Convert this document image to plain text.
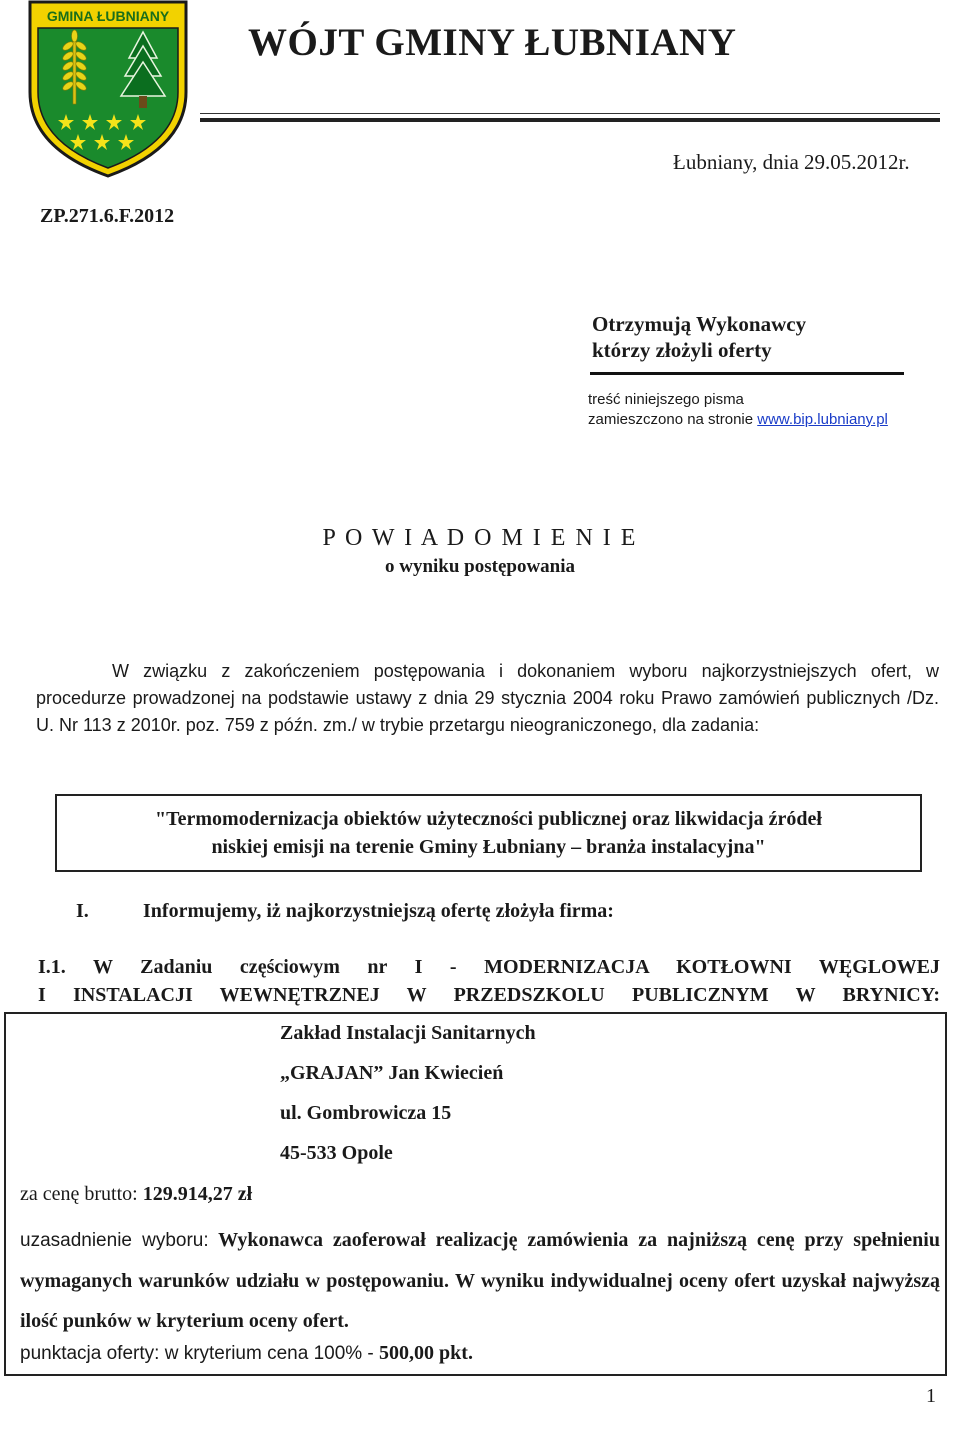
GMINA ŁUBNIANY
WÓJT GMINY ŁUBNIANY
Łubniany, dnia 29.05.2012r.
ZP.271.6.F.2012
Otrzymują Wykonawcy
którzy złożyli oferty
treść niniejszego pisma
zamieszczono na stronie www.bip.lubniany.pl
P O W I A D O M I E N I E
o wyniku postępowania

W związku z zakończeniem postępowania i dokonaniem wyboru najkorzystniejszych ofert, w procedurze prowadzonej na podstawie ustawy z dnia 29 stycznia 2004 roku Prawo zamówień publicznych /Dz. U. Nr 113 z 2010r. poz. 759 z późn. zm./ w trybie przetargu nieograniczonego, dla zadania:

"Termomodernizacja obiektów użyteczności publicznej oraz likwidacja źródeł
niskiej emisji na terenie Gminy Łubniany – branża instalacyjna"
I.	Informujemy, iż najkorzystniejszą ofertę złożyła firma:
I.1. W Zadaniu częściowym nr I - MODERNIZACJA KOTŁOWNI WĘGLOWEJ
I INSTALACJI WEWNĘTRZNEJ W PRZEDSZKOLU PUBLICZNYM W BRYNICY:
Zakład Instalacji Sanitarnych
„GRAJAN” Jan Kwiecień
ul. Gombrowicza 15
45-533 Opole
za cenę brutto: 129.914,27 zł
uzasadnienie wyboru: Wykonawca zaoferował realizację zamówienia za najniższą cenę przy spełnieniu wymaganych warunków udziału w postępowaniu. W wyniku indywidualnej oceny ofert uzyskał najwyższą ilość punków w kryterium oceny ofert.
punktacja oferty: w kryterium cena 100% - 500,00 pkt.
1
